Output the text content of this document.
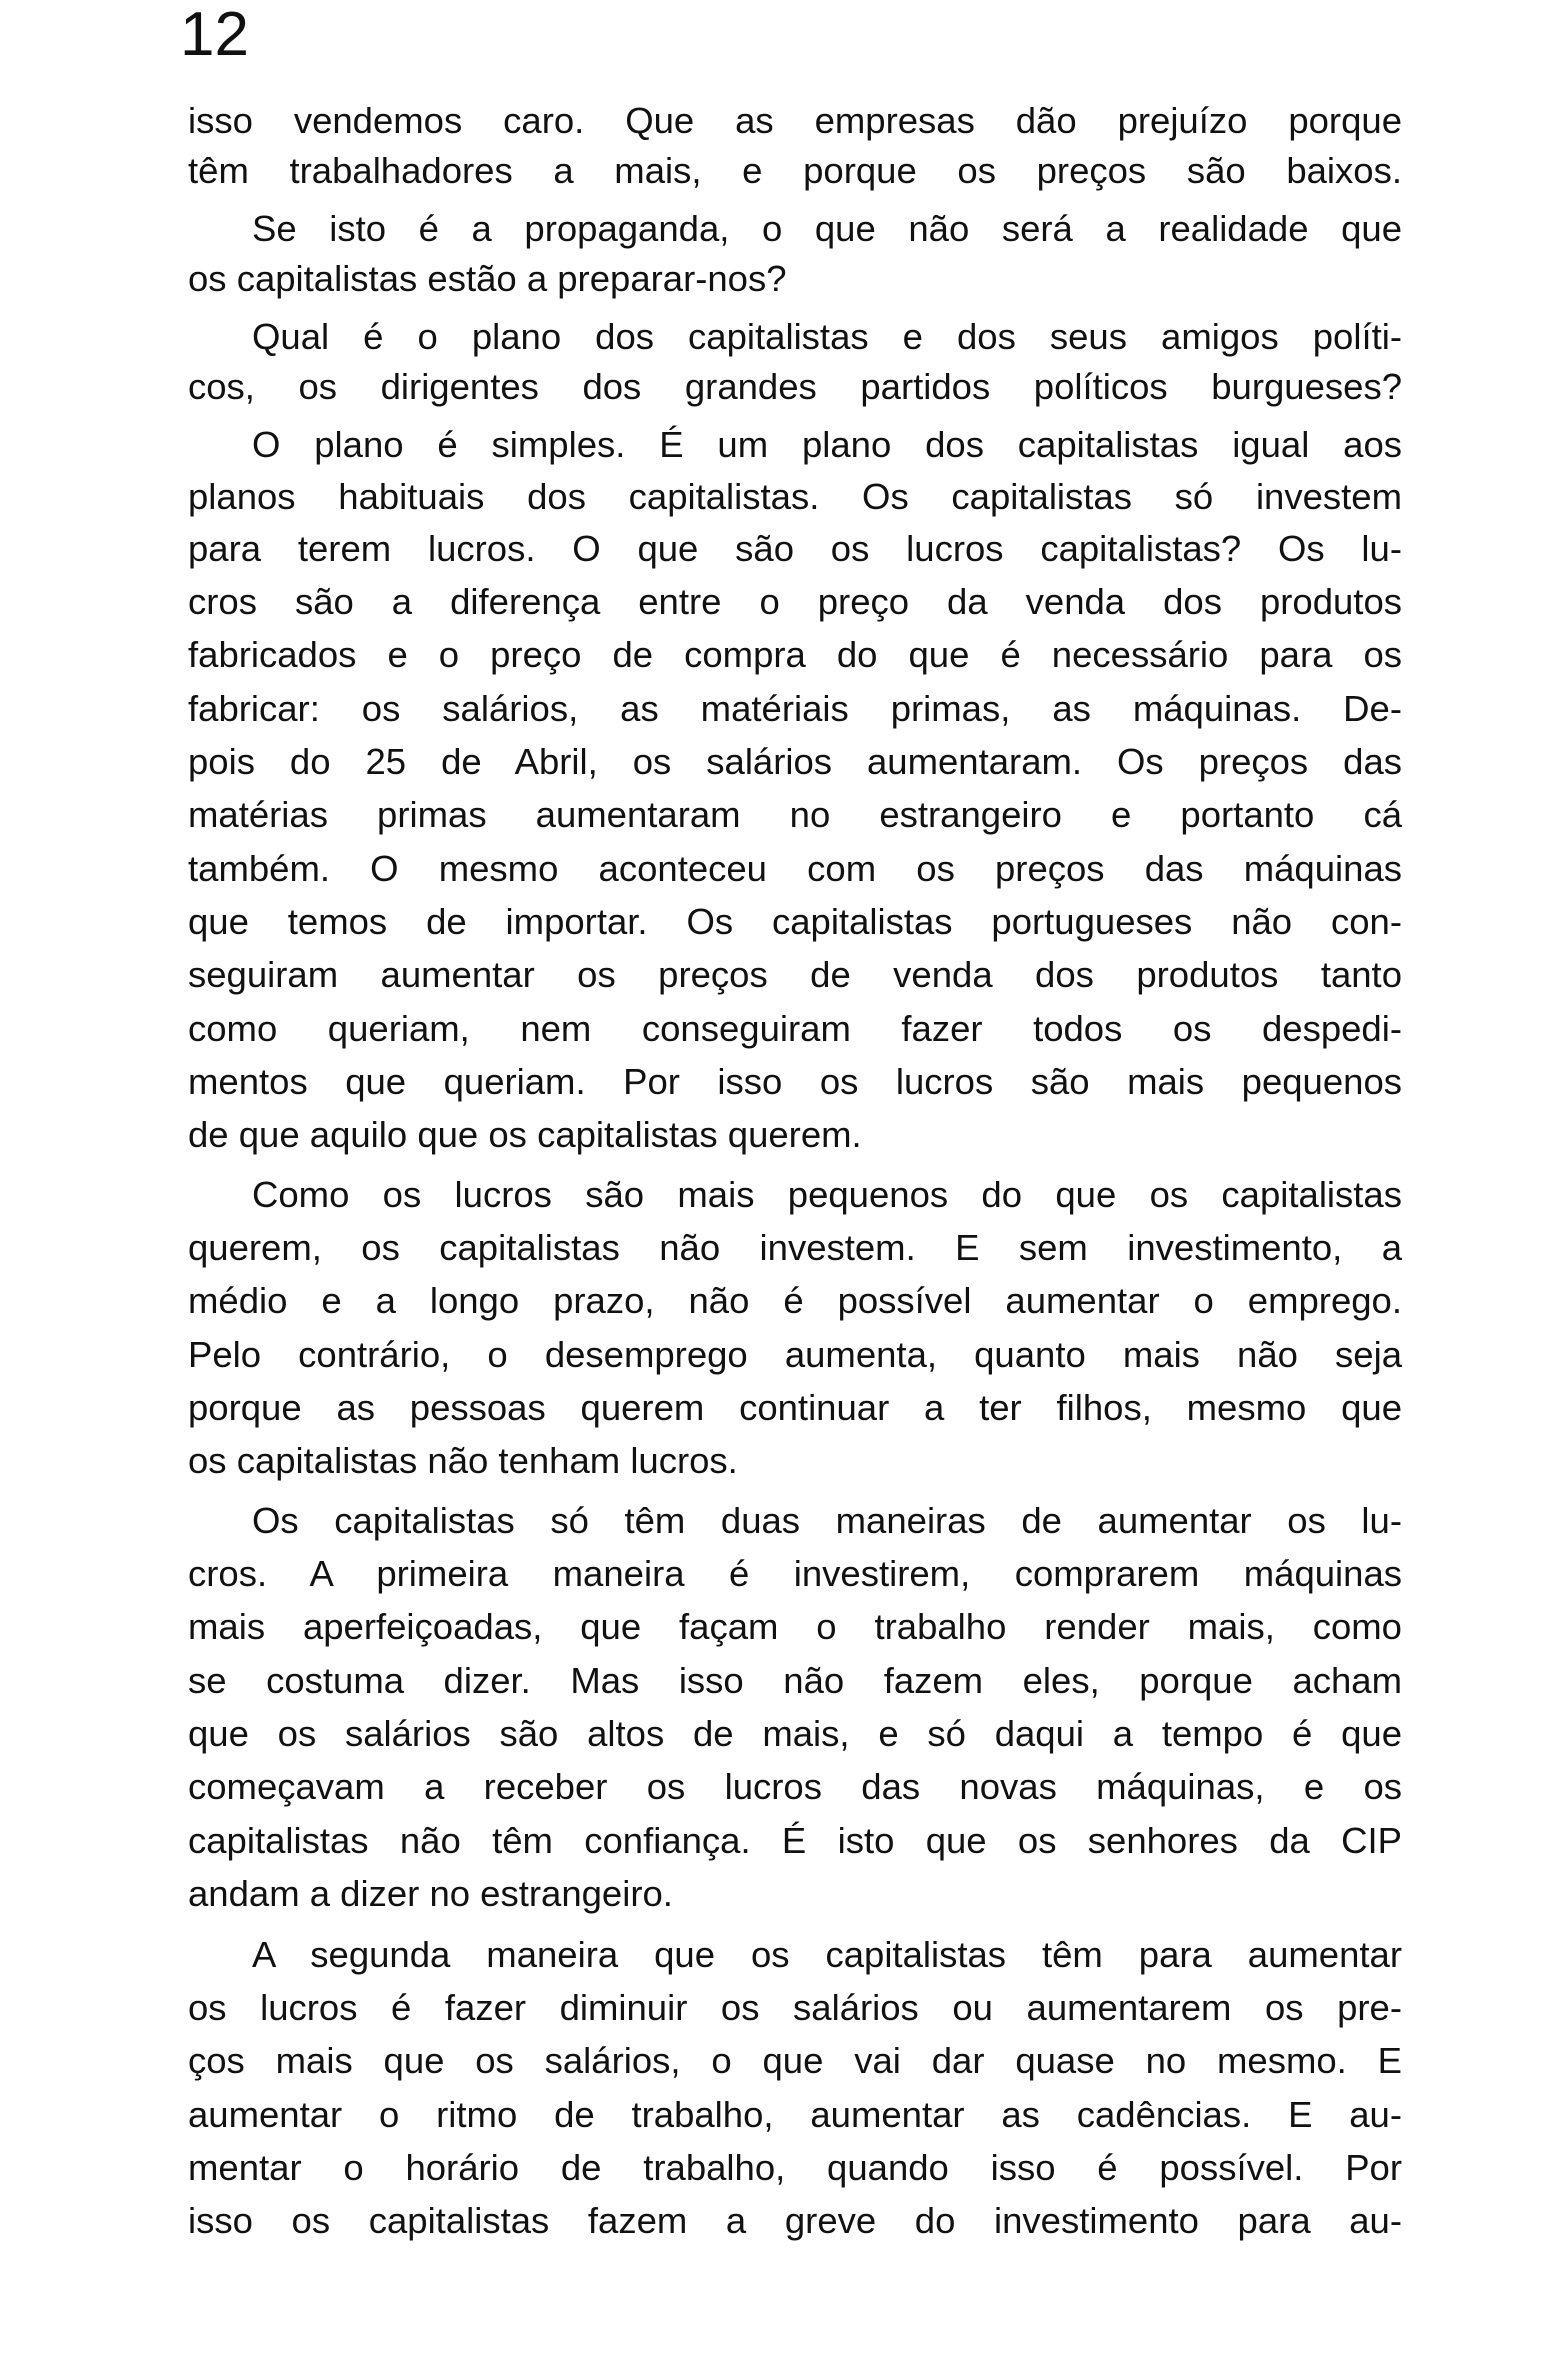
12

isso vendemos caro. Que as empresas dão prejuízo porque

têm trabalhadores a mais, e porque os preços são baixos.

Se isto é a propaganda, o que não será a realidade que

os capitalistas estão a preparar-nos?

Qual é o plano dos capitalistas e dos seus amigos políti-

cos, os dirigentes dos grandes partidos políticos burgueses?

O plano é simples. É um plano dos capitalistas igual aos

planos habituais dos capitalistas. Os capitalistas só investem

para terem lucros. O que são os lucros capitalistas? Os lu-

cros são a diferença entre o preço da venda dos produtos

fabricados e o preço de compra do que é necessário para os

fabricar: os salários, as matériais primas, as máquinas. De-

pois do 25 de Abril, os salários aumentaram. Os preços das

matérias primas aumentaram no estrangeiro e portanto cá

também. O mesmo aconteceu com os preços das máquinas

que temos de importar. Os capitalistas portugueses não con-

seguiram aumentar os preços de venda dos produtos tanto

como queriam, nem conseguiram fazer todos os despedi-

mentos que queriam. Por isso os lucros são mais pequenos

de que aquilo que os capitalistas querem.

Como os lucros são mais pequenos do que os capitalistas

querem, os capitalistas não investem. E sem investimento, a

médio e a longo prazo, não é possível aumentar o emprego.

Pelo contrário, o desemprego aumenta, quanto mais não seja

porque as pessoas querem continuar a ter filhos, mesmo que

os capitalistas não tenham lucros.

Os capitalistas só têm duas maneiras de aumentar os lu-

cros. A primeira maneira é investirem, comprarem máquinas

mais aperfeiçoadas, que façam o trabalho render mais, como

se costuma dizer. Mas isso não fazem eles, porque acham

que os salários são altos de mais, e só daqui a tempo é que

começavam a receber os lucros das novas máquinas, e os

capitalistas não têm confiança. É isto que os senhores da CIP

andam a dizer no estrangeiro.

A segunda maneira que os capitalistas têm para aumentar

os lucros é fazer diminuir os salários ou aumentarem os pre-

ços mais que os salários, o que vai dar quase no mesmo. E

aumentar o ritmo de trabalho, aumentar as cadências. E au-

mentar o horário de trabalho, quando isso é possível. Por

isso os capitalistas fazem a greve do investimento para au-
